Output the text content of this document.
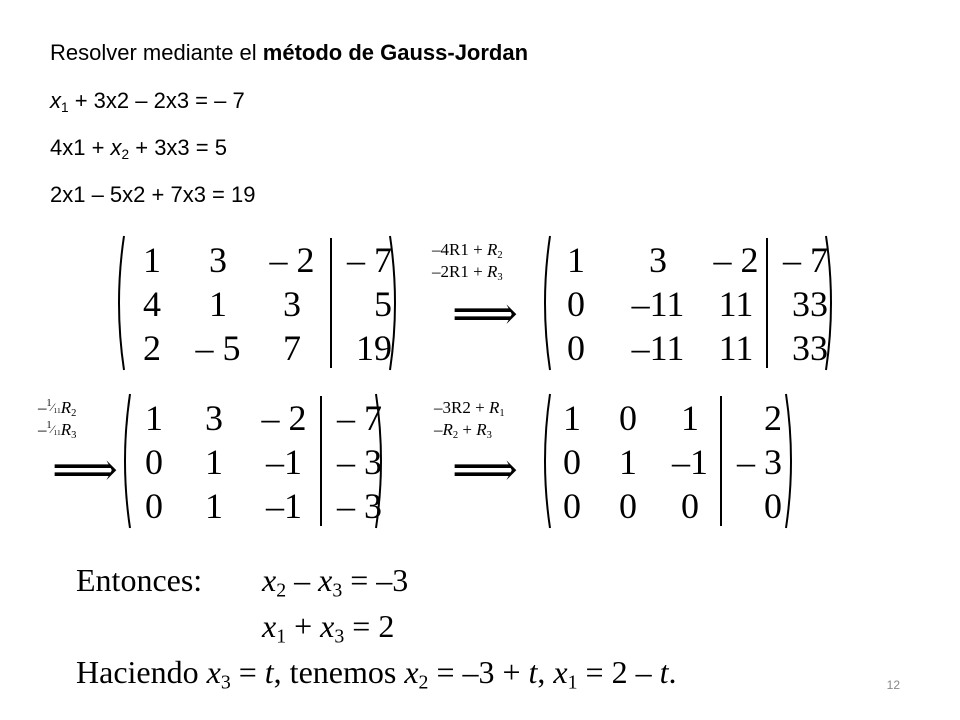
Resolver mediante el método de Gauss-Jordan
$x_1 + 3x2 - 2x3$ = – 7
$4x1 + x_2 + 3x3 = 5$
2x1 – 5x2 + 7x3 = 19
1 3 – 2 – 7
4 1 3 5
2 – 5 7 19
$-4R1 + R_2$
$-2R1 + R_3$
⟹
1 3 – 2 – 7
0 –11 11 33
0 –11 11 33
$-^1⁄_{11}R_2$
$-^1⁄_{11}R_3$
⟹
1 3 – 2 – 7
0 1 –1 – 3
0 1 –1 – 3
$-3R2 + R_1$
$-R_2 + R_3$
⟹
1 0 1 2
0 1 –1 – 3
0 0 0 0
Entonces: $x_2 - x_3 = -3$
$x_1 + x_3 = 2$
Haciendo $x_3 = t$, tenemos $x_2 = -3 + t$, $x_1 = 2 - t$.	12
